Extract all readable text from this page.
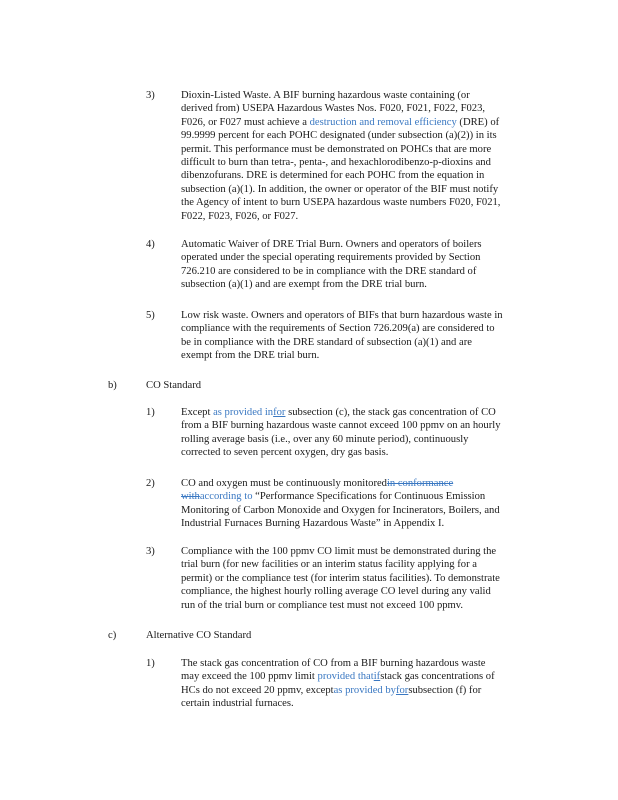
3) Dioxin-Listed Waste. A BIF burning hazardous waste containing (or
derived from) USEPA Hazardous Wastes Nos. F020, F021, F022, F023,
F026, or F027 must achieve a destruction and removal efficiency (DRE) of
99.9999 percent for each POHC designated (under subsection (a)(2)) in its
permit. This performance must be demonstrated on POHCs that are more
difficult to burn than tetra-, penta-, and hexachlorodibenzo-p-dioxins and
dibenzofurans. DRE is determined for each POHC from the equation in
subsection (a)(1). In addition, the owner or operator of the BIF must notify
the Agency of intent to burn USEPA hazardous waste numbers F020, F021,
F022, F023, F026, or F027.
4) Automatic Waiver of DRE Trial Burn. Owners and operators of boilers
operated under the special operating requirements provided by Section
726.210 are considered to be in compliance with the DRE standard of
subsection (a)(1) and are exempt from the DRE trial burn.
5) Low risk waste. Owners and operators of BIFs that burn hazardous waste in
compliance with the requirements of Section 726.209(a) are considered to
be in compliance with the DRE standard of subsection (a)(1) and are
exempt from the DRE trial burn.
b)	CO Standard
1) Except as provided infor subsection (c), the stack gas concentration of CO
from a BIF burning hazardous waste cannot exceed 100 ppmv on an hourly
rolling average basis (i.e., over any 60 minute period), continuously
corrected to seven percent oxygen, dry gas basis.
2) CO and oxygen must be continuously monitoredin conformance
withaccording to “Performance Specifications for Continuous Emission
Monitoring of Carbon Monoxide and Oxygen for Incinerators, Boilers, and
Industrial Furnaces Burning Hazardous Waste” in Appendix I.
3) Compliance with the 100 ppmv CO limit must be demonstrated during the
trial burn (for new facilities or an interim status facility applying for a
permit) or the compliance test (for interim status facilities). To demonstrate
compliance, the highest hourly rolling average CO level during any valid
run of the trial burn or compliance test must not exceed 100 ppmv.
c)	Alternative CO Standard
1) The stack gas concentration of CO from a BIF burning hazardous waste
may exceed the 100 ppmv limit provided thatifstack gas concentrations of
HCs do not exceed 20 ppmv, exceptas provided byforsubsection (f) for
certain industrial furnaces.
